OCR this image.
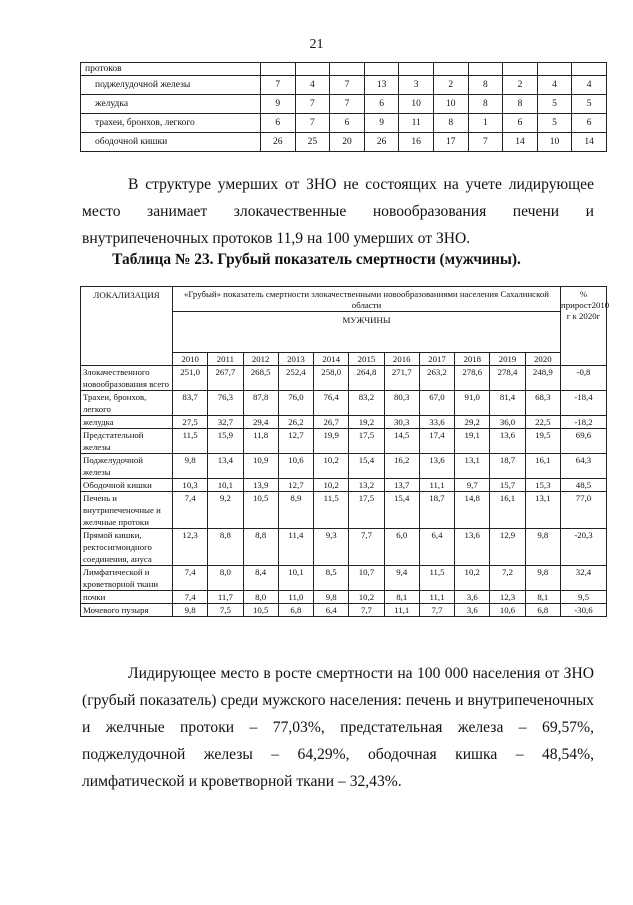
21
протоков										
поджелудочной железы	7	4	7	13	3	2	8	2	4	4
желудка	9	7	7	6	10	10	8	8	5	5
трахеи, бронхов, легкого	6	7	6	9	11	8	1	6	5	6
ободочной кишки	26	25	20	26	16	17	7	14	10	14

В структуре умерших от ЗНО не состоящих на учете лидирующее место занимает злокачественные новообразования печени и внутрипеченочных протоков 11,9 на 100 умерших от ЗНО.

Таблица № 23. Грубый показатель смертности (мужчины).
ЛОКАЛИЗАЦИЯ	«Грубый» показатель смертности злокачественными новообразованиями населения Сахалинской области											% прирост2010 г к 2020г
	МУЖЧИНЫ											
	2010	2011	2012	2013	2014	2015	2016	2017	2018	2019	2020	
Злокачественного новообразования всего	251,0	267,7	268,5	252,4	258,0	264,8	271,7	263,2	278,6	278,4	248,9	-0,8
Трахеи, бронхов, легкого	83,7	76,3	87,8	76,0	76,4	83,2	80,3	67,0	91,0	81,4	68,3	-18,4
желудка	27,5	32,7	29,4	26,2	26,7	19,2	30,3	33,6	29,2	36,0	22,5	-18,2
Предстательной железы	11,5	15,9	11,8	12,7	19,9	17,5	14,5	17,4	19,1	13,6	19,5	69,6
Поджелудочной железы	9,8	13,4	10,9	10,6	10,2	15,4	16,2	13,6	13,1	18,7	16,1	64,3
Ободочной кишки	10,3	10,1	13,9	12,7	10,2	13,2	13,7	11,1	9,7	15,7	15,3	48,5
Печень и внутрипеченочные и желчные протоки	7,4	9,2	10,5	8,9	11,5	17,5	15,4	18,7	14,8	16,1	13,1	77,0
Прямой кишки, ректосигмоидного соединения, ануса	12,3	8,8	8,8	11,4	9,3	7,7	6,0	6,4	13,6	12,9	9,8	-20,3
Лимфатической и кроветворной ткани	7,4	8,0	8,4	10,1	8,5	10,7	9,4	11,5	10,2	7,2	9,8	32,4
почки	7,4	11,7	8,0	11,0	9,8	10,2	8,1	11,1	3,6	12,3	8,1	9,5
Мочевого пузыря	9,8	7,5	10,5	6,8	6,4	7,7	11,1	7,7	3,6	10,6	6,8	-30,6

Лидирующее место в росте смертности на 100 000 населения от ЗНО (грубый показатель) среди мужского населения: печень и внутрипеченочных и желчные протоки – 77,03%, предстательная железа – 69,57%, поджелудочной железы – 64,29%, ободочная кишка – 48,54%, лимфатической и кроветворной ткани – 32,43%.
